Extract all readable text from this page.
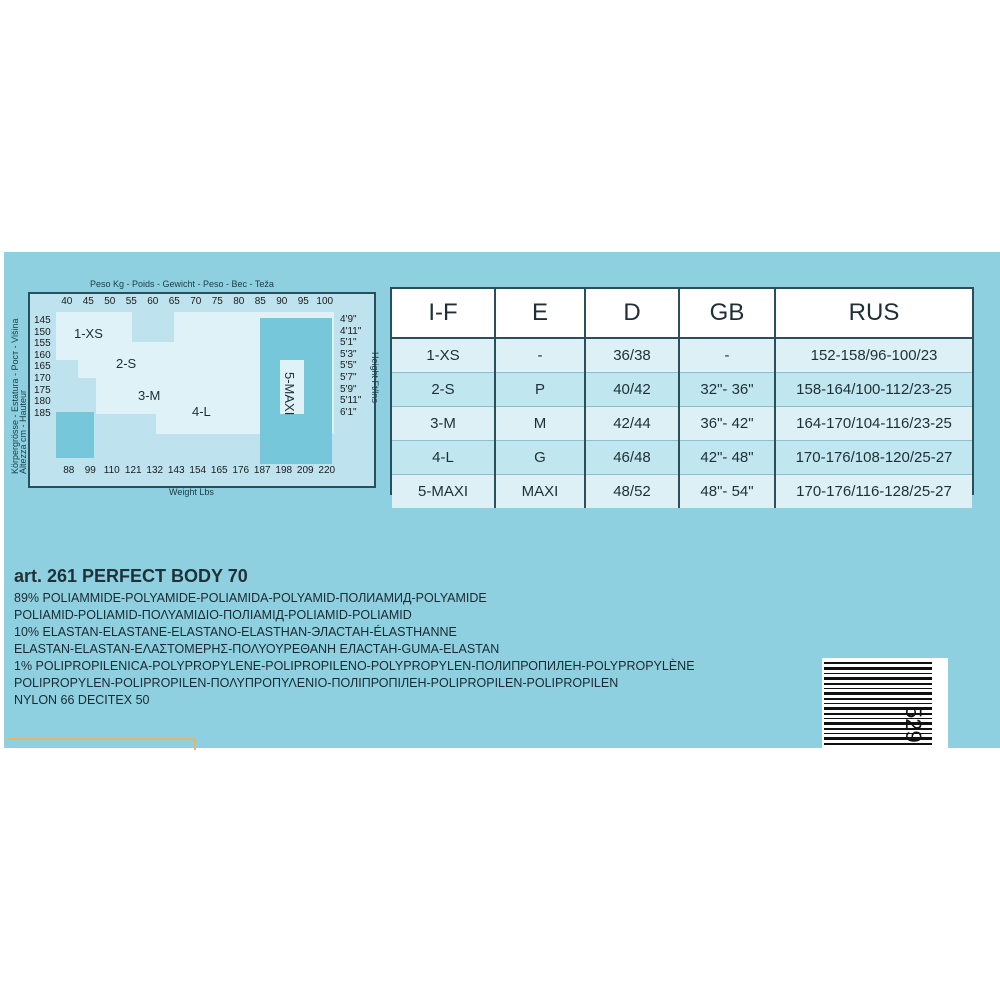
Peso Kg - Poids - Gewicht - Peso - Bec - Teža
40	45	50	55	60	65	70	75	80	85	90	95 100
145
150
155
160
165
170
175
180
185
4'9"
4'11"
5'1"
5'3"
5'5"
5'7"
5'9"
5'11"
6'1"
1-XS
2-S
3-M
4-L	5-MAXI
88	99 110 121 132 143 154 165 176 187 198 209 220
Weight Lbs
Altezza cm - Hauteur
Körpergrösse - Estatura - Poст - Višina	Height Ft/Ins
I-F	E	D	GB	RUS
1-XS	-	36/38	-	152-158/96-100/23
2-S	P	40/42	32"- 36"	158-164/100-112/23-25
3-M	M	42/44	36"- 42"	164-170/104-116/23-25
4-L	G	46/48	42"- 48"	170-176/108-120/25-27
5-MAXI	MAXI	48/52	48"- 54"	170-176/116-128/25-27
art. 261 PERFECT BODY 70
89% POLIAMMIDE-POLYAMIDE-POLIAMIDA-POLYAMID-ПОЛИАМИД-POLYAMIDE
POLIAMID-POLIAMID-ΠΟΛΥΑΜΙΔΙΟ-ПОЛІАМІД-POLIAMID-POLIAMID
10% ELASTAN-ELASTANE-ELASTANO-ELASTHAN-ЭЛАСТАН-ÉLASTHANNE
ELASTAN-ELASTAN-ΕΛΑΣΤΟΜΕΡΗΣ-ΠΟΛΥΟΥΡΕΘΑΝΗ ЕЛАСТАН-GUMA-ELASTAN
1% POLIPROPILENICA-POLYPROPYLENE-POLIPROPILENO-POLYPROPYLEN-ПОЛИПРОПИЛЕН-POLYPROPYLÈNE
POLIPROPYLEN-POLIPROPILEN-ΠΟΛΥΠΡΟΠΥΛΕΝΙΟ-ПОЛІПРОПІЛЕН-POLIPROPILEN-POLIPROPILEN
NYLON 66 DECITEX 50
529
